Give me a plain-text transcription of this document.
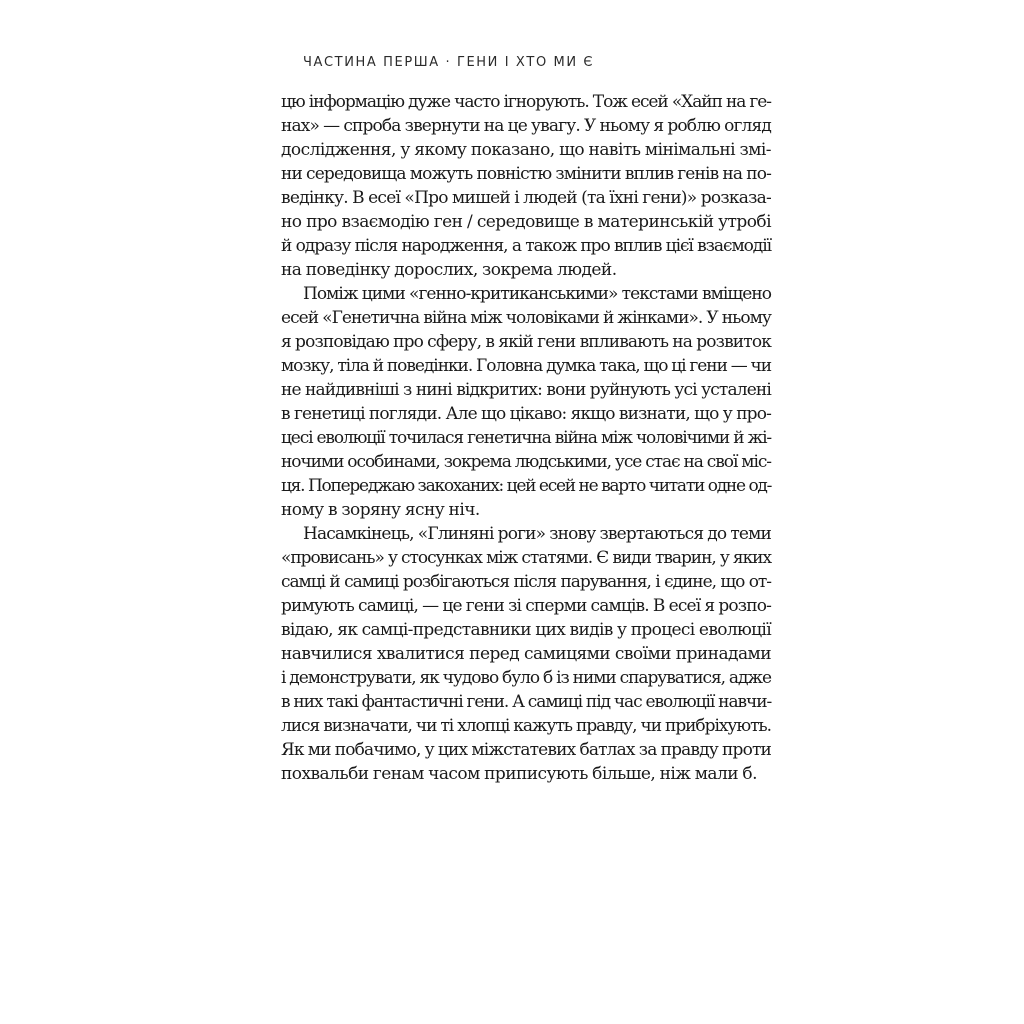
ЧАСТИНА ПЕРША · ГЕНИ І ХТО МИ Є
цю інформацію дуже часто ігнорують. Тож есей «Хайп на ге-
нах» — спроба звернути на це увагу. У ньому я роблю огляд
дослідження, у якому показано, що навіть мінімальні змі-
ни середовища можуть повністю змінити вплив генів на по-
ведінку. В есеї «Про мишей і людей (та їхні гени)» розказа-
но про взаємодію ген / середовище в материнській утробі
й одразу після народження, а також про вплив цієї взаємодії
на поведінку дорослих, зокрема людей.
Поміж цими «генно-критиканськими» текстами вміщено
есей «Генетична війна між чоловіками й жінками». У ньому
я розповідаю про сферу, в якій гени впливають на розвиток
мозку, тіла й поведінки. Головна думка така, що ці гени — чи
не найдивніші з нині відкритих: вони руйнують усі усталені
в генетиці погляди. Але що цікаво: якщо визнати, що у про-
цесі еволюції точилася генетична війна між чоловічими й жі-
ночими особинами, зокрема людськими, усе стає на свої міс-
ця. Попереджаю закоханих: цей есей не варто читати одне од-
ному в зоряну ясну ніч.
Насамкінець, «Глиняні роги» знову звертаються до теми
«провисань» у стосунках між статями. Є види тварин, у яких
самці й самиці розбігаються після парування, і єдине, що от-
римують самиці, — це гени зі сперми самців. В есеї я розпо-
відаю, як самці-представники цих видів у процесі еволюції
навчилися хвалитися перед самицями своїми принадами
і демонструвати, як чудово було б із ними спаруватися, адже
в них такі фантастичні гени. А самиці під час еволюції навчи-
лися визначати, чи ті хлопці кажуть правду, чи прибріхують.
Як ми побачимо, у цих міжстатевих батлах за правду проти
похвальби генам часом приписують більше, ніж мали б.
